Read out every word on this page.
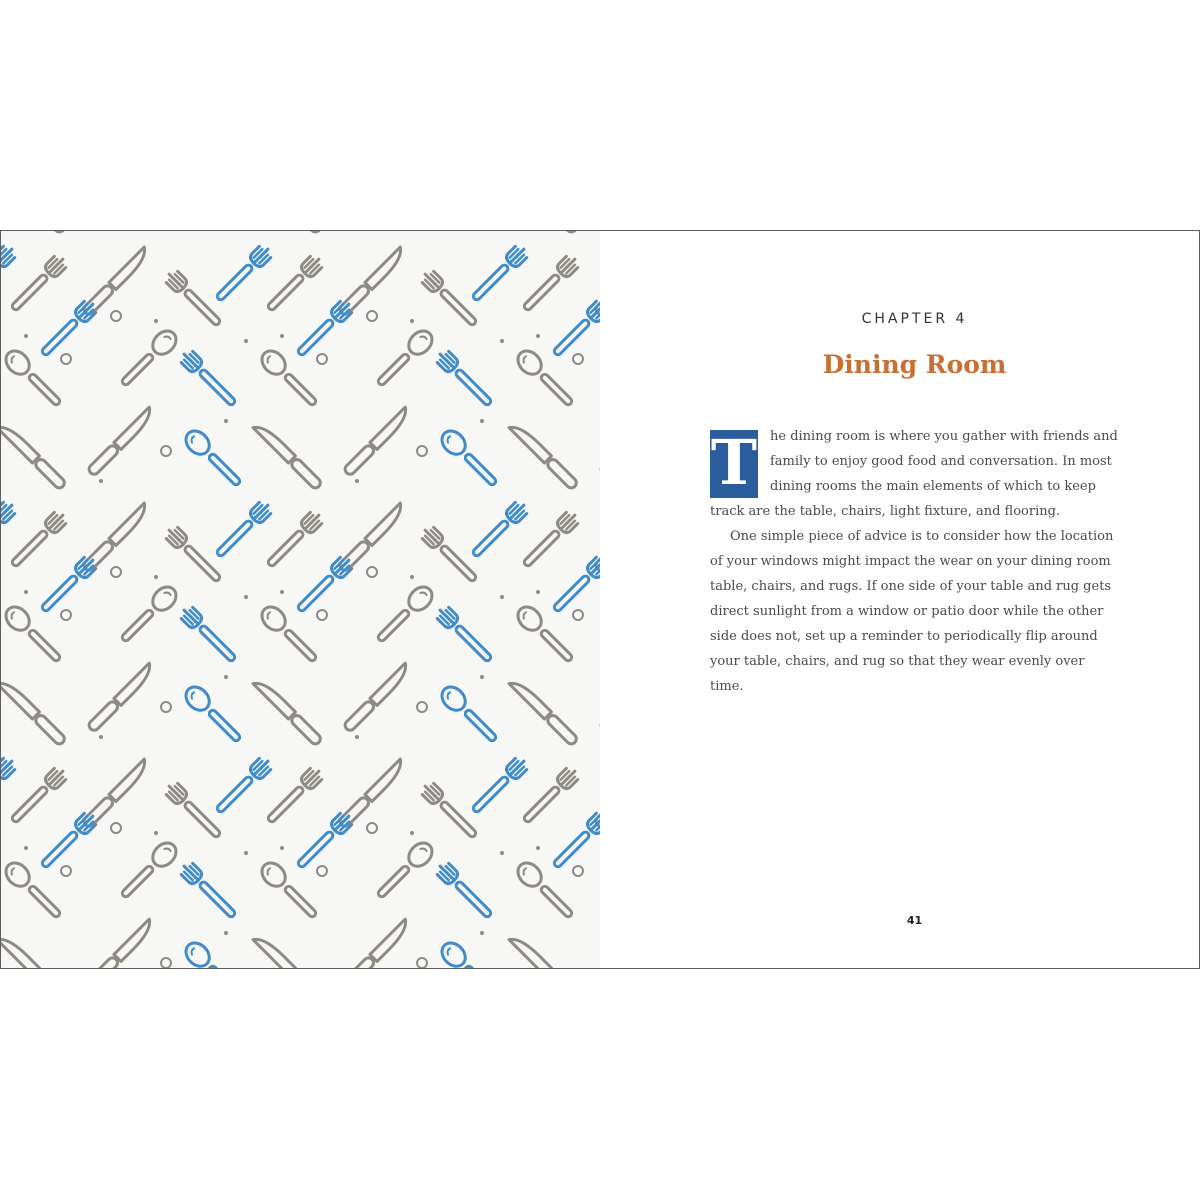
CHAPTER 4
Dining Room

T he dining room is where you gather with friends and family to enjoy good food and conversation. In most dining rooms the main elements of which to keep track are the table, chairs, light fixture, and flooring.

One simple piece of advice is to consider how the location of your windows might impact the wear on your dining room table, chairs, and rugs. If one side of your table and rug gets direct sunlight from a window or patio door while the other side does not, set up a reminder to periodically flip around your table, chairs, and rug so that they wear evenly over time.

41
